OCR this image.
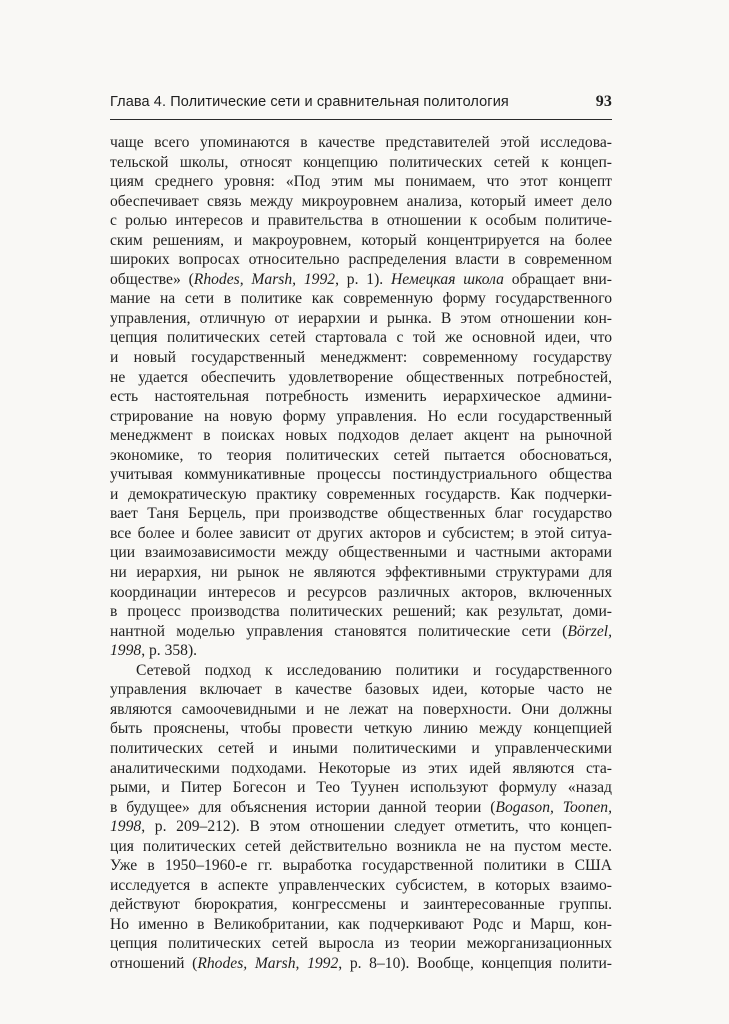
Глава 4. Политические сети и сравнительная политология	93
чаще всего упоминаются в качестве представителей этой исследова-
тельской школы, относят концепцию политических сетей к концеп-
циям среднего уровня: «Под этим мы понимаем, что этот концепт
обеспечивает связь между микроуровнем анализа, который имеет дело
с ролью интересов и правительства в отношении к особым политиче-
ским решениям, и макроуровнем, который концентрируется на более
широких вопросах относительно распределения власти в современном
обществе» (Rhodes, Marsh, 1992, p. 1). Немецкая школа обращает вни-
мание на сети в политике как современную форму государственного
управления, отличную от иерархии и рынка. В этом отношении кон-
цепция политических сетей стартовала с той же основной идеи, что
и новый государственный менеджмент: современному государству
не удается обеспечить удовлетворение общественных потребностей,
есть настоятельная потребность изменить иерархическое админи-
стрирование на новую форму управления. Но если государственный
менеджмент в поисках новых подходов делает акцент на рыночной
экономике, то теория политических сетей пытается обосноваться,
учитывая коммуникативные процессы постиндустриального общества
и демократическую практику современных государств. Как подчерки-
вает Таня Берцель, при производстве общественных благ государство
все более и более зависит от других акторов и субсистем; в этой ситуа-
ции взаимозависимости между общественными и частными акторами
ни иерархия, ни рынок не являются эффективными структурами для
координации интересов и ресурсов различных акторов, включенных
в процесс производства политических решений; как результат, доми-
нантной моделью управления становятся политические сети (Börzel,
1998, p. 358).
Сетевой подход к исследованию политики и государственного
управления включает в качестве базовых идеи, которые часто не
являются самоочевидными и не лежат на поверхности. Они должны
быть прояснены, чтобы провести четкую линию между концепцией
политических сетей и иными политическими и управленческими
аналитическими подходами. Некоторые из этих идей являются ста-
рыми, и Питер Богесон и Тео Туунен используют формулу «назад
в будущее» для объяснения истории данной теории (Bogason, Toonen,
1998, p. 209–212). В этом отношении следует отметить, что концеп-
ция политических сетей действительно возникла не на пустом месте.
Уже в 1950–1960-е гг. выработка государственной политики в США
исследуется в аспекте управленческих субсистем, в которых взаимо-
действуют бюрократия, конгрессмены и заинтересованные группы.
Но именно в Великобритании, как подчеркивают Родс и Марш, кон-
цепция политических сетей выросла из теории межорганизационных
отношений (Rhodes, Marsh, 1992, p. 8–10). Вообще, концепция полити-
